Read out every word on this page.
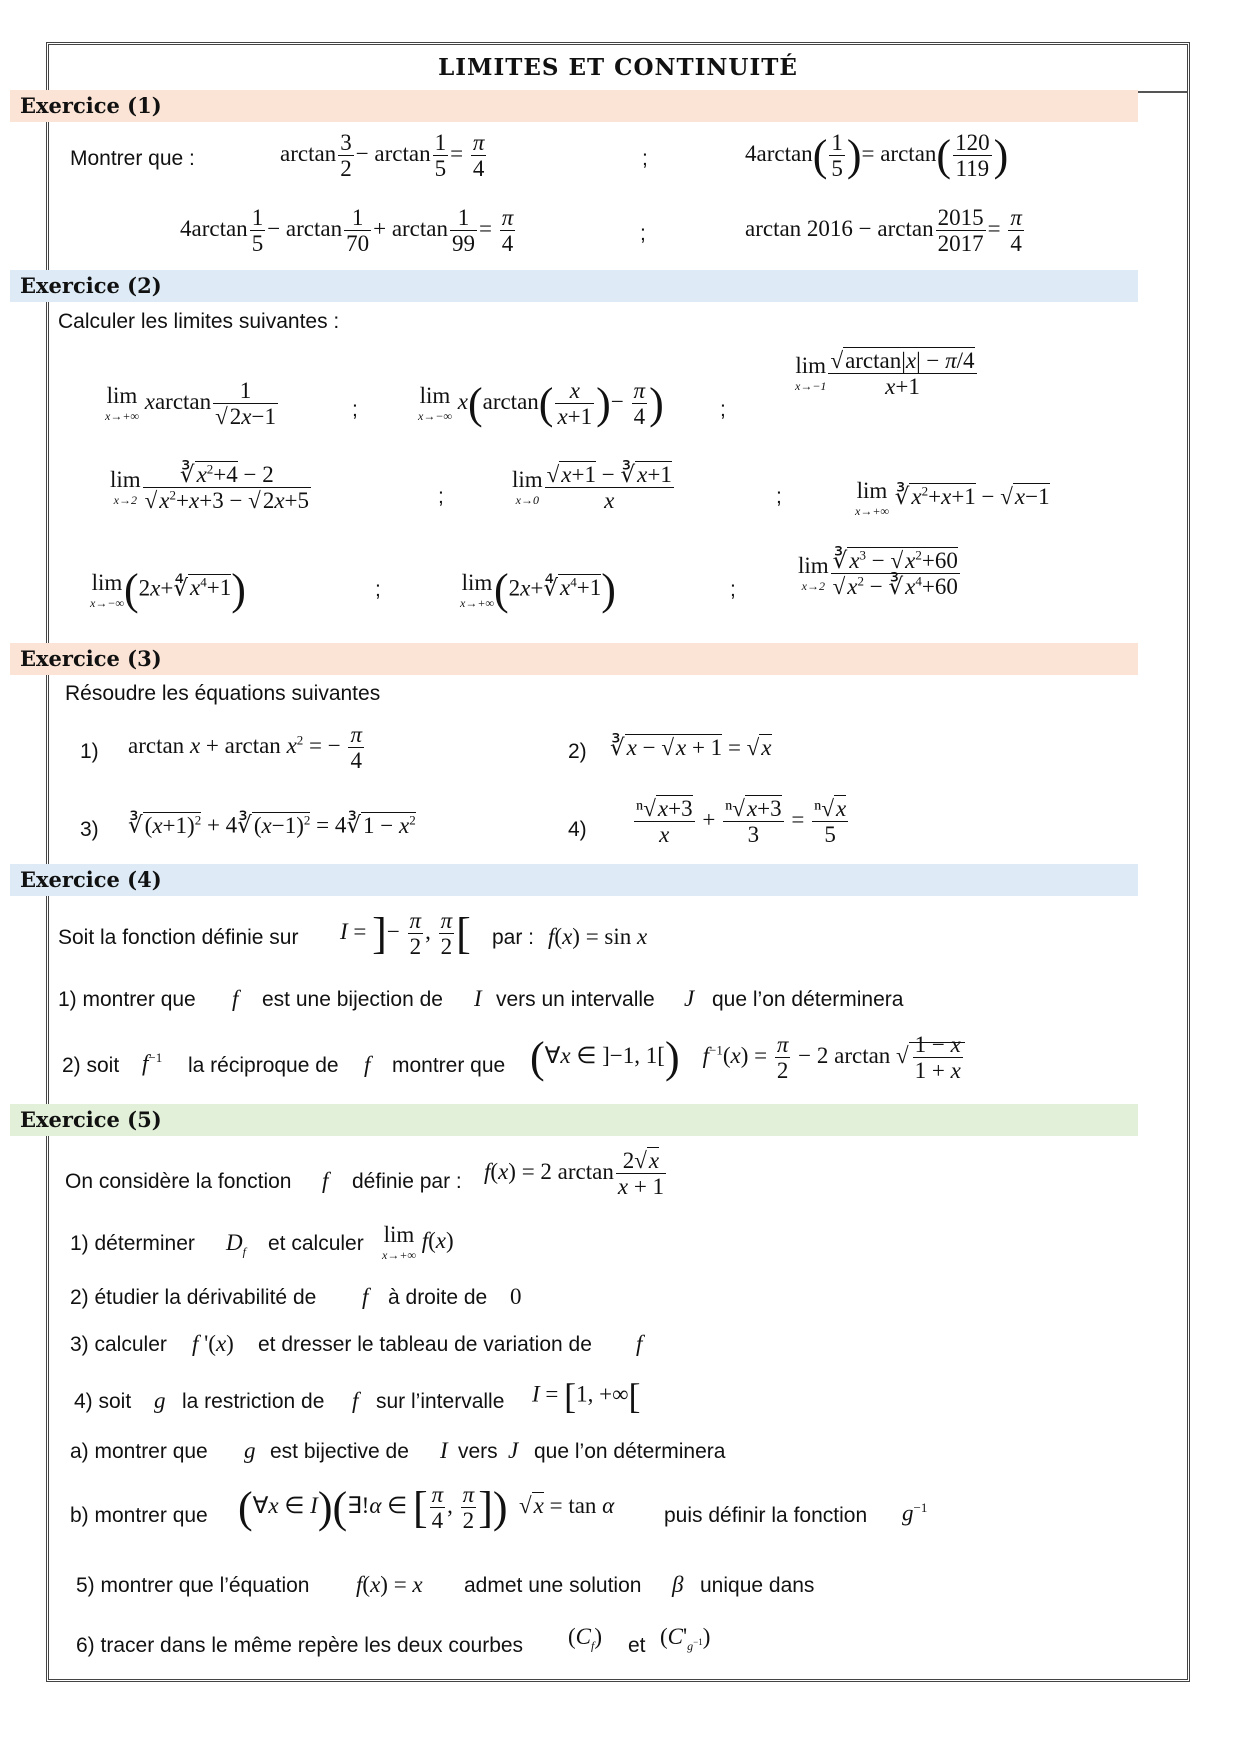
LIMITES ET CONTINUITÉ
Exercice (1)
Montrer que :	$\arctan \frac{3}{2} - \arctan \frac{1}{5} = \frac{\pi}{4}$	;	$4\arctan( \frac{1}{5}$ )= $\arctan( \frac{120}{119}$ )
$4\arctan \frac{1}{5} - \arctan \frac{1}{70} + \arctan \frac{1}{99} = \frac{\pi}{4}$	;	$\arctan 2016 - \arctan \frac{2015}{2017} = \frac{\pi}{4}$
Exercice (2)
Calculer les limites suivantes :
lim
x→+∞
xarctan $\frac{1}{√2x-1}$	;
lim
x→−∞
$x(\arctan( \frac{x}{x+1}$ )− $\frac{\pi}{4}$ )	;
lim
$x\to-1 \frac{√\arctan|x| - \pi/4}{x+1}$
lim
$x\to 2 \frac{∛x^2+4 - 2}{√x^2+x+3 - √2x+5}$	;
lim
$x\to 0 \frac{√x+1 - ∛x+1}{x}$	;	lim
x→+∞
$∛x^2+x+1 - √x-1$
lim
x→−∞ $(2x+∜x^4+1)$	;	lim
x→+∞ $(2x+∜x^4+1)$	;
lim
$x\to 2 \frac{∛x^3 - √x^2+60}{√x^2 - ∛x^4+60}$
Exercice (3)
Résoudre les équations suivantes
1) $\arctan x + \arctan x^2$ = − $\frac{\pi}{4}$	2) ∛x − √x + 1 = √x
3) $∛(x+1)^2$ + $4∛(x-1)^2$ = 4∛1 − $x^2$	$4) \frac{\text{ⁿ√x+3}}{x} + \frac{\text{ⁿ√x+3}}{3} = \frac{\text{ⁿ√x}}{5}$
Exercice (4)
Soit la fonction définie sur I = ]− $\frac{\pi}{2}$ , $\frac{\pi}{2}$ [ par : f(x) = sin x
1) montrer que f est une bijection de I vers un intervalle J que l’on déterminera
2) soit $f^{-1}$ la réciproque de f montrer que (∀x ∈ ]−1, 1[) $f^{-1}(x) = \frac{\pi}{2} - 2$ arctan √ $\frac{1 - x}{1 + x}$
Exercice (5)
On considère la fonction f définie par : f(x) = 2 $\arctan \frac{2√x}{x + 1}$
1) déterminer $D_f$ et calculer lim
x→+∞
f(x)
2) étudier la dérivabilité de f à droite de 0
3) calculer f '(x) et dresser le tableau de variation de f
4) soit g la restriction de f sur l’intervalle I = [1, +∞[
a) montrer que g est bijective de I vers J que l’on déterminera
b) montrer que (∀x ∈ I)(∃!α ∈ [ $\frac{\pi}{4}$ , $\frac{\pi}{2}$ ])  √x = tan α puis définir la fonction $g^{-1}$
5) montrer que l’équation f(x) = x admet une solution β unique dans
6) tracer dans le même repère les deux courbes $(C_f)$ et $(C'_{g^{-1}})$
